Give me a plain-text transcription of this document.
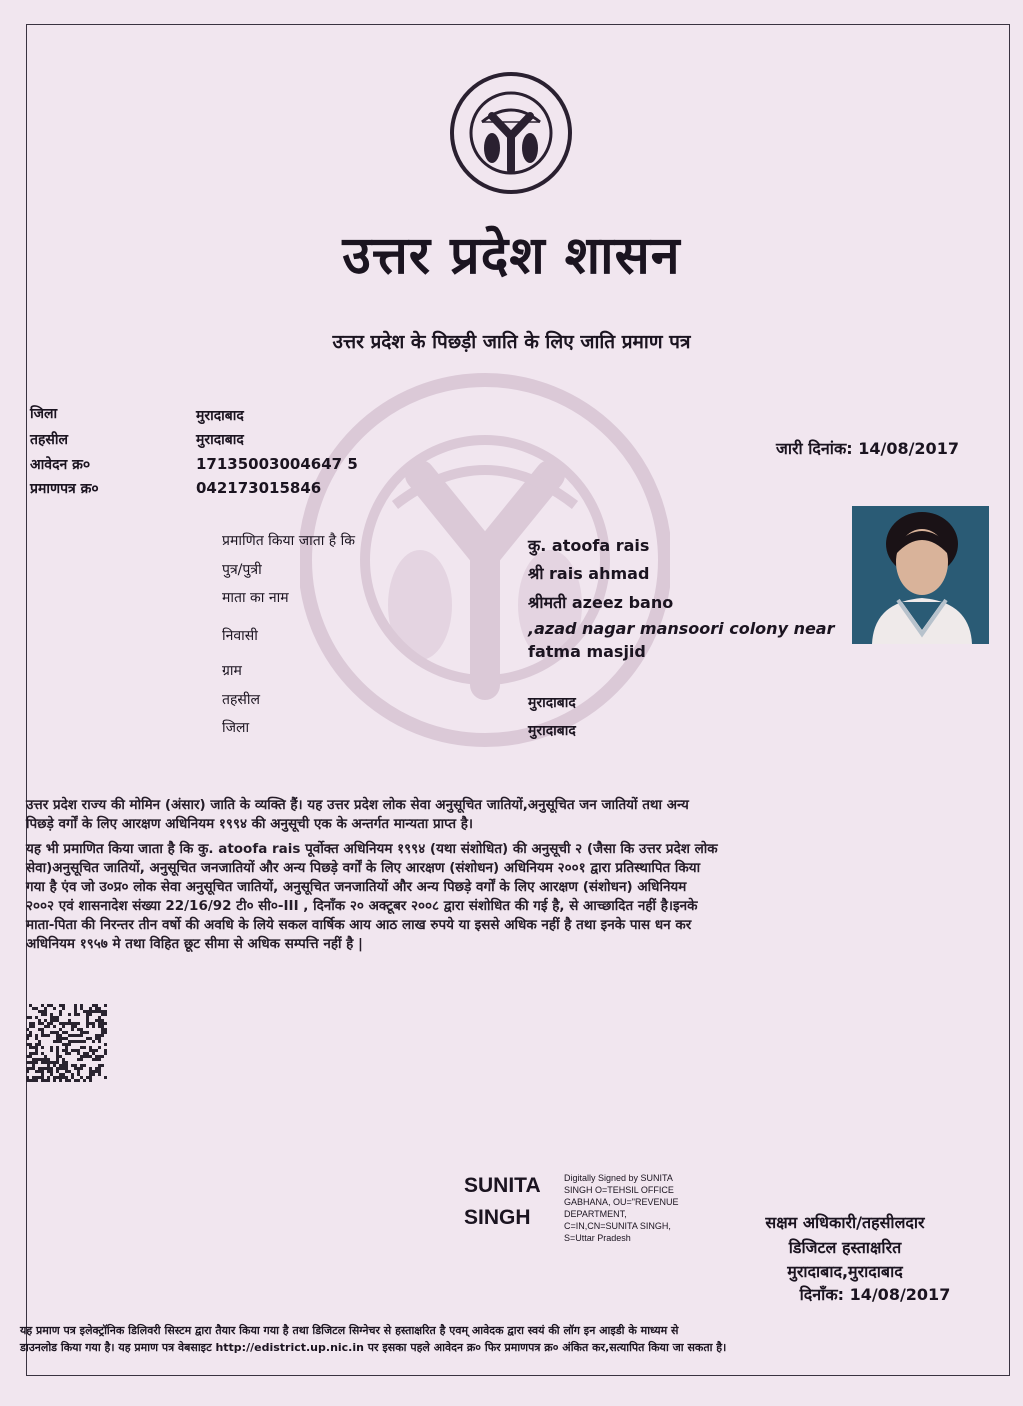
उत्तर प्रदेश शासन
उत्तर प्रदेश के पिछड़ी जाति के लिए जाति प्रमाण पत्र
जिला	मुरादाबाद
तहसील	मुरादाबाद
आवेदन क्र०	17135003004647 5
प्रमाणपत्र क्र०	042173015846
जारी दिनांक: 14/08/2017
प्रमाणित किया जाता है कि	कु. atoofa rais
पुत्र/पुत्री	श्री rais ahmad
माता का नाम	श्रीमती azeez bano
निवासी	,azad nagar mansoori colony near
fatma masjid
ग्राम
तहसील	मुरादाबाद
जिला	मुरादाबाद
उत्तर प्रदेश राज्य की मोमिन (अंसार) जाति के व्यक्ति हैं। यह उत्तर प्रदेश लोक सेवा अनुसूचित जातियों,अनुसूचित जन जातियों तथा अन्य
पिछड़े वर्गों के लिए आरक्षण अधिनियम १९९४ की अनुसूची एक के अन्तर्गत मान्यता प्राप्त है।
यह भी प्रमाणित किया जाता है कि कु. atoofa rais पूर्वोक्त अधिनियम १९९४ (यथा संशोधित) की अनुसूची २ (जैसा कि उत्तर प्रदेश लोक
सेवा)अनुसूचित जातियों, अनुसूचित जनजातियों और अन्य पिछड़े वर्गों के लिए आरक्षण (संशोधन) अधिनियम २००१ द्वारा प्रतिस्थापित किया
गया है एंव जो उ०प्र० लोक सेवा अनुसूचित जातियों, अनुसूचित जनजातियों और अन्य पिछड़े वर्गों के लिए आरक्षण (संशोधन) अधिनियम
२००२ एवं शासनादेश संख्या 22/16/92 टी० सी०-III , दिनाँक २० अक्टूबर २००८ द्वारा संशोधित की गई है, से आच्छादित नहीं है।इनके
माता-पिता की निरन्तर तीन वर्षो की अवधि के लिये सकल वार्षिक आय आठ लाख रुपये या इससे अधिक नहीं है तथा इनके पास धन कर
अधिनियम १९५७ मे तथा विहित छूट सीमा से अधिक सम्पत्ति नहीं है |
SUNITA
SINGH
Digitally Signed by SUNITA
SINGH O=TEHSIL OFFICE
GABHANA, OU="REVENUE
DEPARTMENT,
C=IN,CN=SUNITA SINGH,
S=Uttar Pradesh
सक्षम अधिकारी/तहसीलदार
डिजिटल हस्ताक्षरित
मुरादाबाद,मुरादाबाद
दिनाँक: 14/08/2017
यह प्रमाण पत्र इलेक्ट्रॉनिक डिलिवरी सिस्टम द्वारा तैयार किया गया है तथा डिजिटल सिग्नेचर से हस्ताक्षरित है एवम् आवेदक द्वारा स्वयं की लॉग इन आइडी के माध्यम से
डाउनलोड किया गया है। यह प्रमाण पत्र वेबसाइट http://edistrict.up.nic.in पर इसका पहले आवेदन क्र० फिर प्रमाणपत्र क्र० अंकित कर,सत्यापित किया जा सकता है।
